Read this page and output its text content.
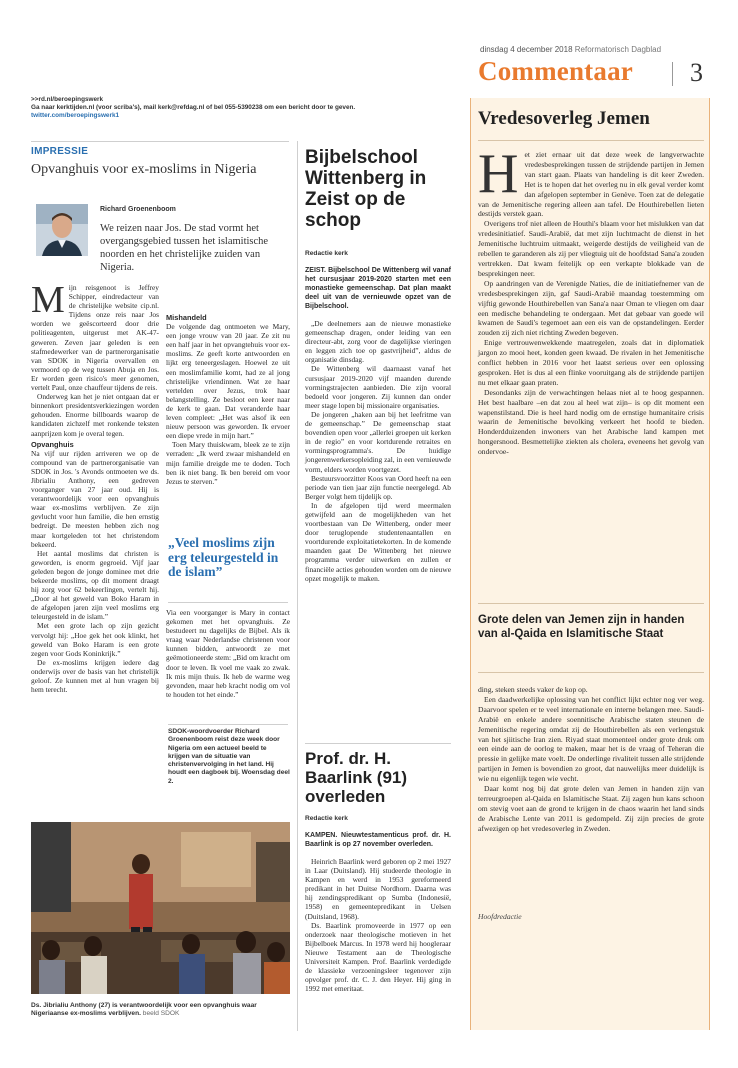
dinsdag 4 december 2018 Reformatorisch Dagblad
Commentaar 3
>>rd.nl/beroepingswerk
Ga naar kerktijden.nl (voor scriba's), mail kerk@refdag.nl of bel 055-5390238 om een bericht door te geven.
twitter.com/beroepingswerk1
IMPRESSIE
Opvanghuis voor ex-moslims in Nigeria
Richard Groenenboom
We reizen naar Jos. De stad vormt het overgangsgebied tussen het islamitische noorden en het christelijke zuiden van Nigeria.
M ijn reisgenoot is Jeffrey Schipper, eindredacteur van de christelijke website cip.nl. Tijdens onze reis naar Jos worden we geëscorteerd door drie politieagenten, uitgerust met AK-47-geweren. Zeven jaar geleden is een stafmedewerker van de partnerorganisatie van SDOK in Nigeria overvallen en vermoord op de weg tussen Abuja en Jos. Er worden geen risico's meer genomen, vertelt Paul, onze chauffeur tijdens de reis.

Onderweg kan het je niet ontgaan dat er binnenkort presidentsverkiezingen worden gehouden. Enorme billboards waarop de kandidaten zichzelf met ronkende teksten aanprijzen kom je overal tegen.

Opvanghuis

Na vijf uur rijden arriveren we op de compound van de partnerorganisatie van SDOK in Jos. 's Avonds ontmoeten we ds. Jibrialiu Anthony, een gedreven voorganger van 27 jaar oud. Hij is verantwoordelijk voor een opvanghuis waar ex-moslims verblijven. Ze zijn gevlucht voor hun familie, die hen ernstig bedreigt. De meesten hebben zich nog maar kortgeleden tot het christendom bekeerd.

Het aantal moslims dat christen is geworden, is enorm gegroeid. Vijf jaar geleden begon de jonge dominee met drie bekeerde moslims, op dit moment draagt hij zorg voor 62 bekeerlingen, vertelt hij. „Door al het geweld van Boko Haram in de afgelopen jaren zijn veel moslims erg teleurgesteld in de islam.”

Met een grote lach op zijn gezicht vervolgt hij: „Hoe gek het ook klinkt, het geweld van Boko Haram is een grote zegen voor Gods Koninkrijk.”

De ex-moslims krijgen iedere dag onderwijs over de basis van het christelijk geloof. Ze kunnen met al hun vragen bij hem terecht.

Mishandeld

De volgende dag ontmoeten we Mary, een jonge vrouw van 20 jaar. Ze zit nu een half jaar in het opvangtehuis voor ex-moslims. Ze geeft korte antwoorden en lijkt erg teneergeslagen. Hoewel ze uit een moslimfamilie komt, had ze al jong christelijke vriendinnen. Wat ze haar vertelden over Jezus, trok haar belangstelling. Ze besloot een keer naar de kerk te gaan. Dat veranderde haar leven compleet: „Het was alsof ik een nieuw persoon was geworden. Ik ervoer een diepe vrede in mijn hart.”

Toen Mary thuiskwam, bleek ze te zijn verraden: „Ik werd zwaar mishandeld en mijn familie dreigde me te doden. Toch ben ik niet bang. Ik ben bereid om voor Jezus te sterven.”

„Veel moslims zijn erg teleurgesteld in de islam”

Via een voorganger is Mary in contact gekomen met het opvanghuis. Ze bestudeert nu dagelijks de Bijbel. Als ik vraag waar Nederlandse christenen voor kunnen bidden, antwoordt ze met geëmotioneerde stem: „Bid om kracht om door te leven. Ik voel me vaak zo zwak. Ik mis mijn thuis. Ik heb de warme weg gevonden, maar heb kracht nodig om vol te houden tot het einde.”

SDOK-woordvoerder Richard Groenenboom reist deze week door Nigeria om een actueel beeld te krijgen van de situatie van christenvervolging in het land. Hij houdt een dagboek bij. Woensdag deel 2.
Ds. Jibrialiu Anthony (27) is verantwoordelijk voor een opvanghuis waar Nigeriaanse ex-moslims verblijven. beeld SDOK
Bijbelschool Wittenberg in Zeist op de schop
Redactie kerk

ZEIST. Bijbelschool De Wittenberg wil vanaf het cursusjaar 2019-2020 starten met een monastieke gemeenschap. Dat plan maakt deel uit van de vernieuwde opzet van de Bijbelschool.

„De deelnemers aan de nieuwe monastieke gemeenschap dragen, onder leiding van een directeur-abt, zorg voor de dagelijkse vieringen en leggen zich toe op gastvrijheid”, aldus de organisatie dinsdag.

De Wittenberg wil daarnaast vanaf het cursusjaar 2019-2020 vijf maanden durende vormingstrajecten aanbieden. Die zijn vooral bedoeld voor jongeren. Zij kunnen dan onder meer stage lopen bij missionaire organisaties.

De jongeren „haken aan bij het leefritme van de gemeenschap.” De gemeenschap staat bovendien open voor „allerlei groepen uit kerken in de regio” en voor kortdurende retraites en vormingsprogramma's. De huidige jongerenwerkersopleiding zal, in een vernieuwde vorm, elders worden voortgezet.

Bestuursvoorzitter Koos van Oord heeft na een periode van tien jaar zijn functie neergelegd. Ab Berger volgt hem tijdelijk op.

In de afgelopen tijd werd meermalen getwijfeld aan de mogelijkheden van het voortbestaan van De Wittenberg, onder meer door teruglopende studentenaantallen en voortdurende exploitatietekorten. In de komende maanden gaat De Wittenberg het nieuwe programma verder uitwerken en zullen er financiële acties gehouden worden om de nieuwe opzet mogelijk te maken.

Prof. dr. H. Baarlink (91) overleden
Redactie kerk

KAMPEN. Nieuwtestamenticus prof. dr. H. Baarlink is op 27 november overleden.

Heinrich Baarlink werd geboren op 2 mei 1927 in Laar (Duitsland). Hij studeerde theologie in Kampen en werd in 1953 gereformeerd predikant in het Duitse Nordhorn. Daarna was hij zendingspredikant op Sumba (Indonesië, 1958) en gemeentepredikant in Uelsen (Duitsland, 1968).

Ds. Baarlink promoveerde in 1977 op een onderzoek naar theologische motieven in het Bijbelboek Marcus. In 1978 werd hij hoogleraar Nieuwe Testament aan de Theologische Universiteit Kampen. Prof. Baarlink verdedigde de klassieke verzoeningsleer tegenover zijn opvolger prof. dr. C. J. den Heyer. Hij ging in 1992 met emeritaat.

Vredesoverleg Jemen
H et ziet ernaar uit dat deze week de langverwachte vredesbesprekingen tussen de strijdende partijen in Jemen van start gaan. Plaats van handeling is dit keer Zweden. Het is te hopen dat het overleg nu in elk geval verder komt dan afgelopen september in Genève. Toen zat de delegatie van de Jemenitische regering alleen aan tafel. De Houthirebellen lieten destijds verstek gaan.

Overigens trof niet alleen de Houthi's blaam voor het mislukken van dat vredesinitiatief. Saudi-Arabië, dat met zijn luchtmacht de dienst in het Jemenitische luchtruim uitmaakt, weigerde destijds de veiligheid van de rebellen te garanderen als zij per vliegtuig uit de hoofdstad Sana'a zouden vertrekken. Dat kwam feitelijk op een verkapte blokkade van de besprekingen neer.

Op aandringen van de Verenigde Naties, die de initiatiefnemer van de vredesbesprekingen zijn, gaf Saudi-Arabië maandag toestemming om vijftig gewonde Houthirebellen van Sana'a naar Oman te vliegen om daar een medische behandeling te ondergaan. Met dat gebaar van goede wil kwamen de Saudi's tegemoet aan een eis van de opstandelingen. Eerder zouden zij zich niet richting Zweden begeven.

Enige vertrouwenwekkende maatregelen, zoals dat in diplomatiek jargon zo mooi heet, konden geen kwaad. De rivalen in het Jemenitische conflict hebben in 2016 voor het laatst serieus over een oplossing gesproken. Het is dus al een flinke vooruitgang als de strijdende partijen nu met elkaar gaan praten.

Desondanks zijn de verwachtingen helaas niet al te hoog gespannen. Het best haalbare –en dat zou al heel wat zijn– is op dit moment een wapenstilstand. Die is heel hard nodig om de ernstige humanitaire crisis waarin de Jemenitische bevolking verkeert het hoofd te bieden. Honderdduizenden inwoners van het Arabische land kampen met hongersnood. Besmettelijke ziekten als cholera, eveneens het gevolg van ondervoe-

Grote delen van Jemen zijn in handen van al-Qaida en Islamitische Staat

ding, steken steeds vaker de kop op.

Een daadwerkelijke oplossing van het conflict lijkt echter nog ver weg. Daarvoor spelen er te veel internationale en interne belangen mee. Saudi-Arabië en enkele andere soennitische Arabische staten steunen de Jemenitische regering omdat zij de Houthirebellen als een verlengstuk van het sjiitische Iran zien. Riyad staat momenteel onder grote druk om een einde aan de oorlog te maken, maar het is de vraag of Teheran die pressie in gelijke mate voelt. De onderlinge rivaliteit tussen alle strijdende partijen in Jemen is bovendien zo groot, dat nauwelijks meer duidelijk is wie nu eigenlijk tegen wie vecht.

Daar komt nog bij dat grote delen van Jemen in handen zijn van terreurgroepen al-Qaida en Islamitische Staat. Zij zagen hun kans schoon om stevig voet aan de grond te krijgen in de chaos waarin het land sinds de Arabische Lente van 2011 is gedompeld. Zij zijn precies de grote afwezigen op het vredesoverleg in Zweden.

Hoofdredactie
